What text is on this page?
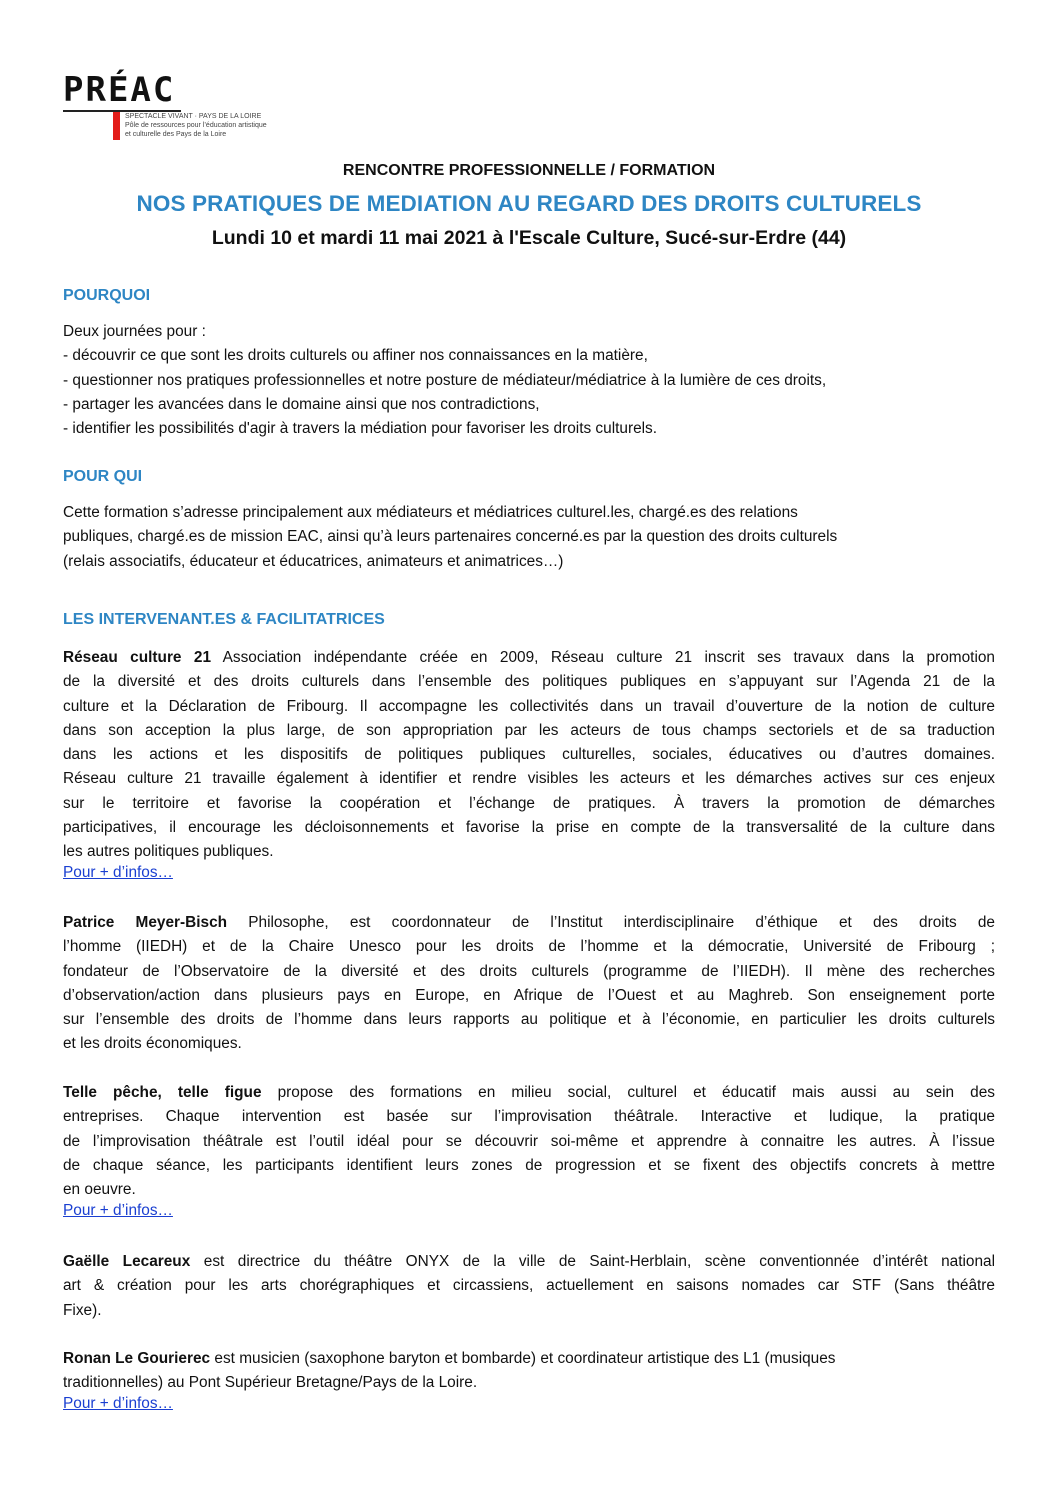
PRÉAC
SPECTACLE VIVANT · PAYS DE LA LOIRE
Pôle de ressources pour l’éducation artistique
et culturelle des Pays de la Loire
RENCONTRE PROFESSIONNELLE / FORMATION
NOS PRATIQUES DE MEDIATION AU REGARD DES DROITS CULTURELS
Lundi 10 et mardi 11 mai 2021 à l'Escale Culture, Sucé-sur-Erdre (44)
POURQUOI
Deux journées pour :
- découvrir ce que sont les droits culturels ou affiner nos connaissances en la matière,
- questionner nos pratiques professionnelles et notre posture de médiateur/médiatrice à la lumière de ces droits,
- partager les avancées dans le domaine ainsi que nos contradictions,
- identifier les possibilités d'agir à travers la médiation pour favoriser les droits culturels.
POUR QUI
Cette formation s’adresse principalement aux médiateurs et médiatrices culturel.les, chargé.es des relations
publiques, chargé.es de mission EAC, ainsi qu’à leurs partenaires concerné.es par la question des droits culturels
(relais associatifs, éducateur et éducatrices, animateurs et animatrices…)
LES INTERVENANT.ES & FACILITATRICES
Réseau culture 21 Association indépendante créée en 2009, Réseau culture 21 inscrit ses travaux dans la promotion
de la diversité et des droits culturels dans l’ensemble des politiques publiques en s’appuyant sur l’Agenda 21 de la
culture et la Déclaration de Fribourg. Il accompagne les collectivités dans un travail d’ouverture de la notion de culture
dans son acception la plus large, de son appropriation par les acteurs de tous champs sectoriels et de sa traduction
dans les actions et les dispositifs de politiques publiques culturelles, sociales, éducatives ou d’autres domaines.
Réseau culture 21 travaille également à identifier et rendre visibles les acteurs et les démarches actives sur ces enjeux
sur le territoire et favorise la coopération et l’échange de pratiques. À travers la promotion de démarches
participatives, il encourage les décloisonnements et favorise la prise en compte de la transversalité de la culture dans
les autres politiques publiques.
Pour + d’infos…
Patrice Meyer-Bisch Philosophe, est coordonnateur de l’Institut interdisciplinaire d’éthique et des droits de
l’homme (IIEDH) et de la Chaire Unesco pour les droits de l’homme et la démocratie, Université de Fribourg ;
fondateur de l’Observatoire de la diversité et des droits culturels (programme de l’IIEDH). Il mène des recherches
d’observation/action dans plusieurs pays en Europe, en Afrique de l’Ouest et au Maghreb. Son enseignement porte
sur l’ensemble des droits de l’homme dans leurs rapports au politique et à l’économie, en particulier les droits culturels
et les droits économiques.
Telle pêche, telle figue propose des formations en milieu social, culturel et éducatif mais aussi au sein des
entreprises. Chaque intervention est basée sur l’improvisation théâtrale. Interactive et ludique, la pratique
de l’improvisation théâtrale est l’outil idéal pour se découvrir soi-même et apprendre à connaitre les autres. À l’issue
de chaque séance, les participants identifient leurs zones de progression et se fixent des objectifs concrets à mettre
en oeuvre.
Pour + d’infos…
Gaëlle Lecareux est directrice du théâtre ONYX de la ville de Saint-Herblain, scène conventionnée d’intérêt national
art & création pour les arts chorégraphiques et circassiens, actuellement en saisons nomades car STF (Sans théâtre
Fixe).
Ronan Le Gourierec est musicien (saxophone baryton et bombarde) et coordinateur artistique des L1 (musiques
traditionnelles) au Pont Supérieur Bretagne/Pays de la Loire.
Pour + d’infos…
